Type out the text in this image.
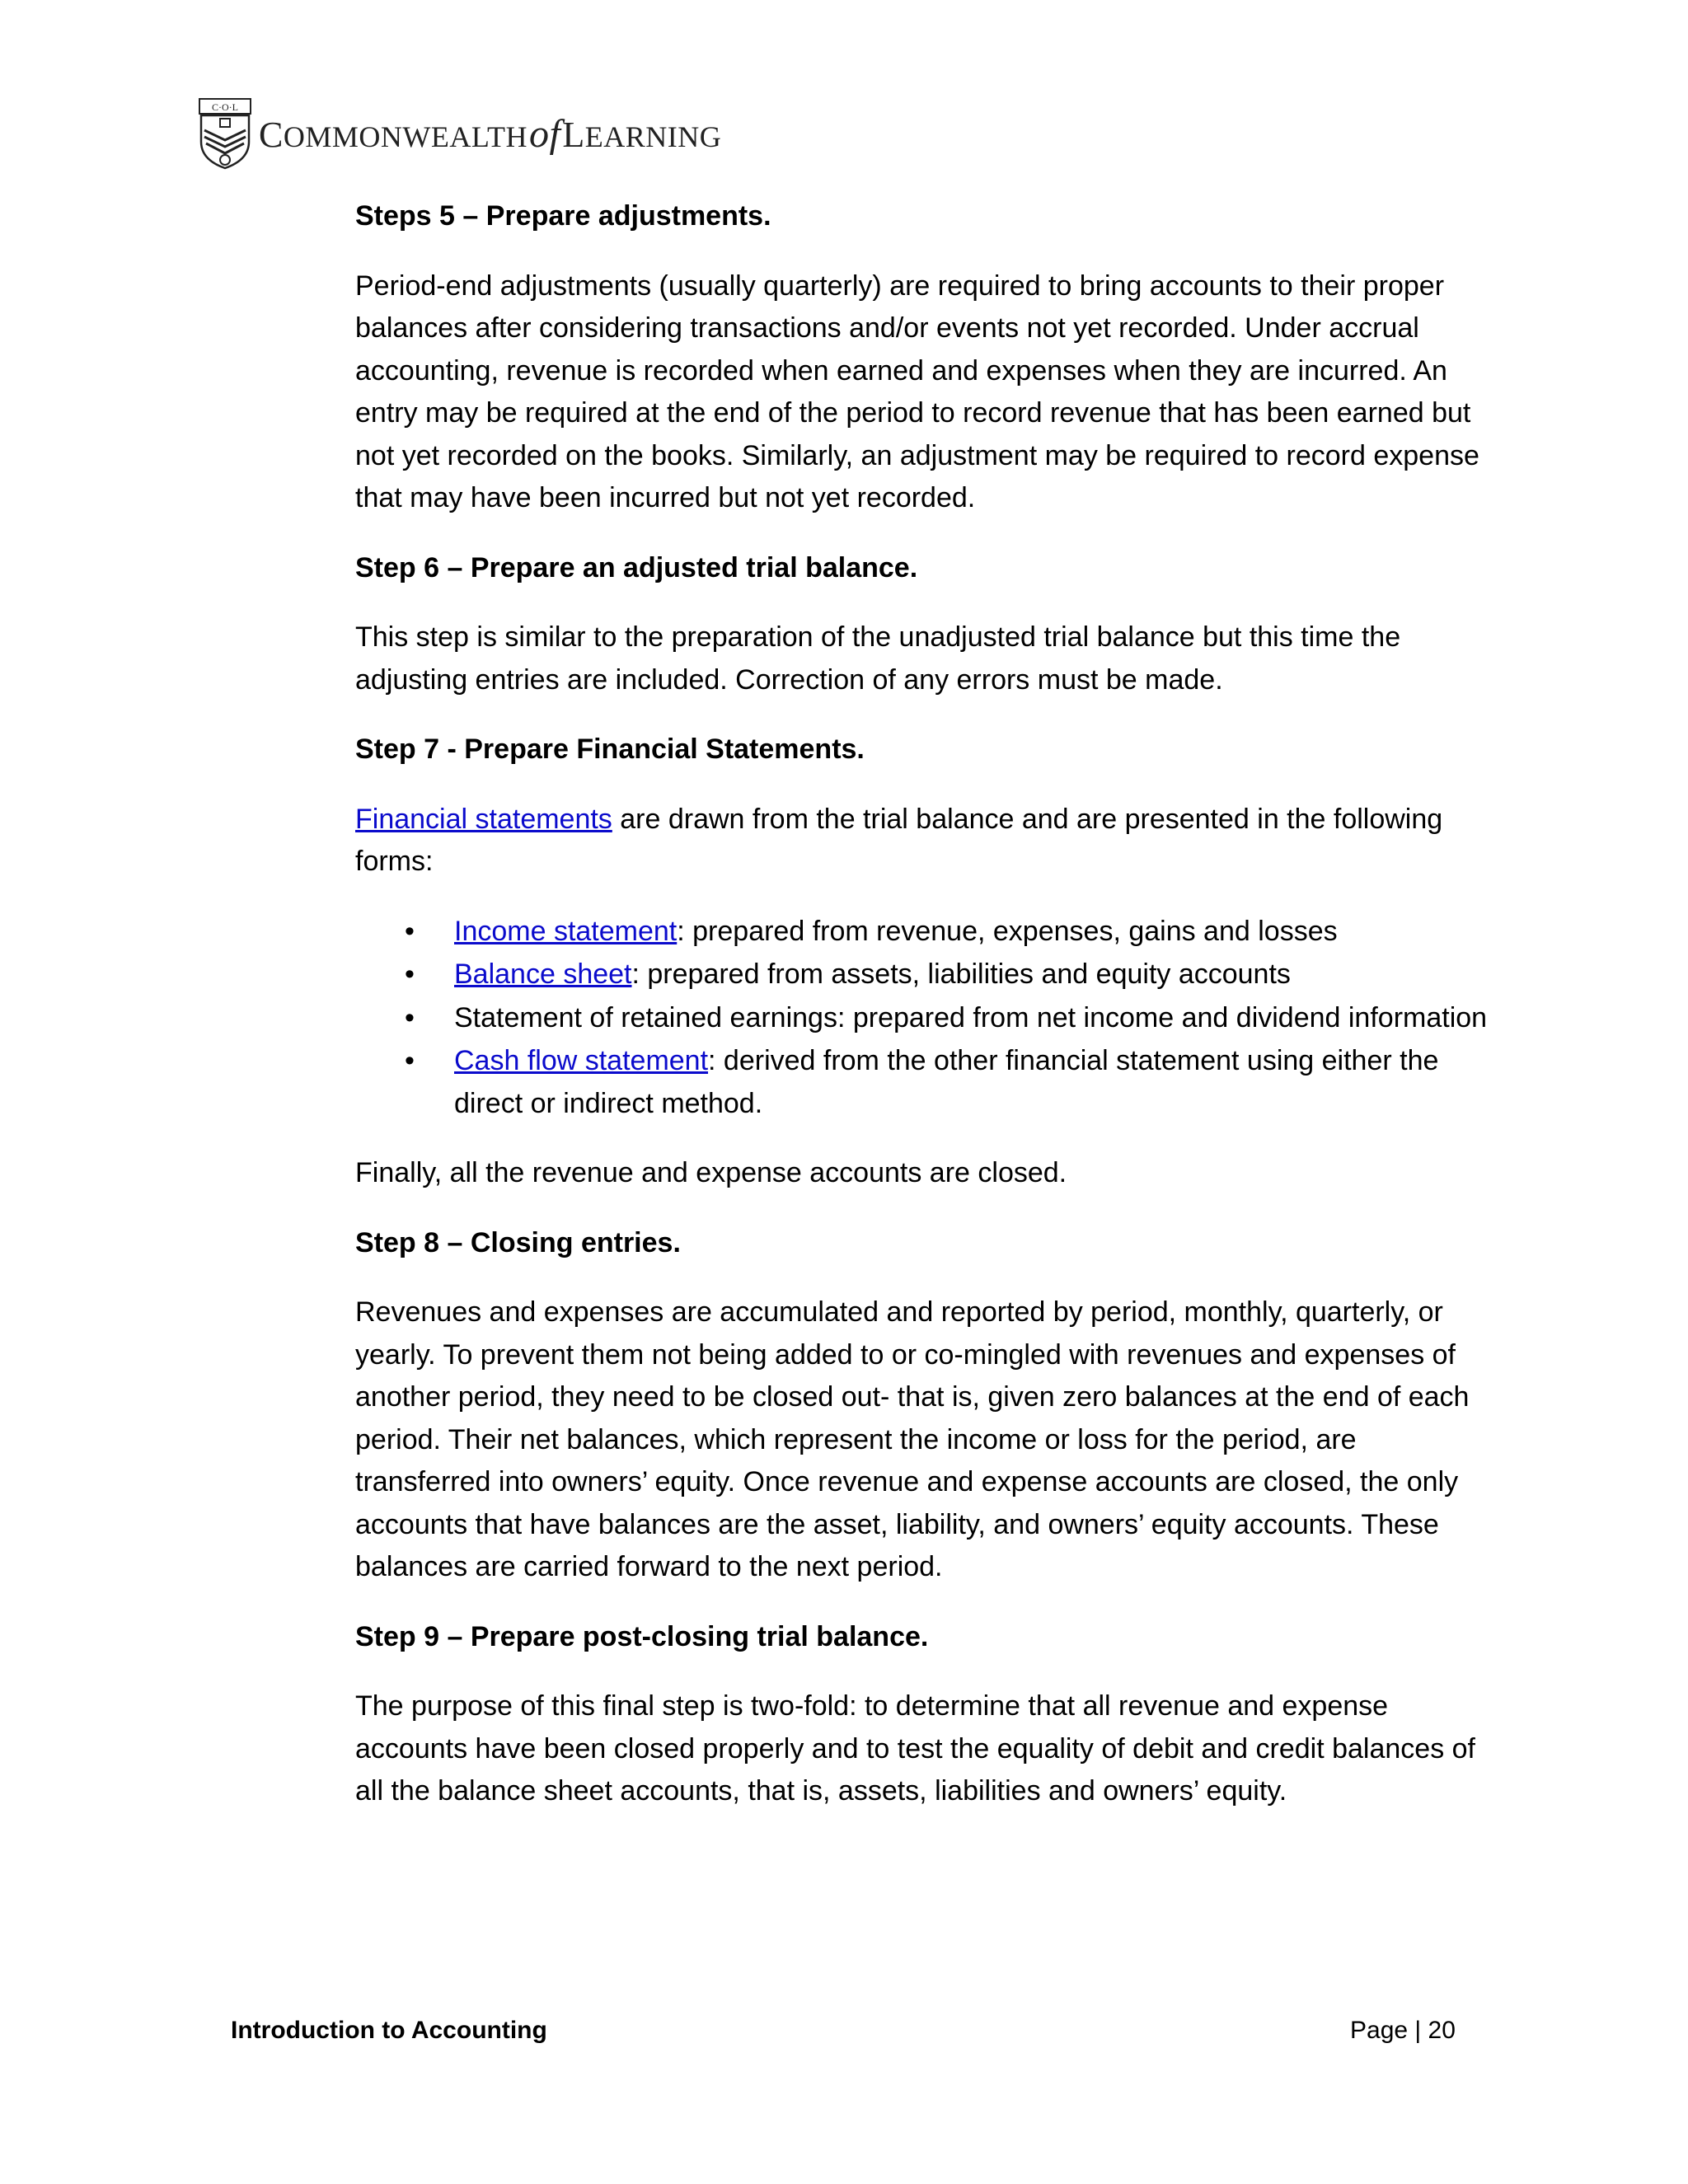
C·O·L
COMMONWEALTHofLEARNING
Steps 5 – Prepare adjustments.

Period-end adjustments (usually quarterly) are required to bring accounts to their proper balances after considering transactions and/or events not yet recorded. Under accrual accounting, revenue is recorded when earned and expenses when they are incurred. An entry may be required at the end of the period to record revenue that has been earned but not yet recorded on the books. Similarly, an adjustment may be required to record expense that may have been incurred but not yet recorded.

Step 6 – Prepare an adjusted trial balance.

This step is similar to the preparation of the unadjusted trial balance but this time the adjusting entries are included. Correction of any errors must be made.

Step 7 - Prepare Financial Statements.

Financial statements are drawn from the trial balance and are presented in the following forms:

• Income statement: prepared from revenue, expenses, gains and losses
• Balance sheet: prepared from assets, liabilities and equity accounts
• Statement of retained earnings: prepared from net income and dividend information
• Cash flow statement: derived from the other financial statement using either the direct or indirect method.

Finally, all the revenue and expense accounts are closed.

Step 8 – Closing entries.

Revenues and expenses are accumulated and reported by period, monthly, quarterly, or yearly. To prevent them not being added to or co-mingled with revenues and expenses of another period, they need to be closed out- that is, given zero balances at the end of each period. Their net balances, which represent the income or loss for the period, are transferred into owners’ equity. Once revenue and expense accounts are closed, the only accounts that have balances are the asset, liability, and owners’ equity accounts. These balances are carried forward to the next period.

Step 9 – Prepare post-closing trial balance.

The purpose of this final step is two-fold: to determine that all revenue and expense accounts have been closed properly and to test the equality of debit and credit balances of all the balance sheet accounts, that is, assets, liabilities and owners’ equity.

Introduction to Accounting	Page | 20
